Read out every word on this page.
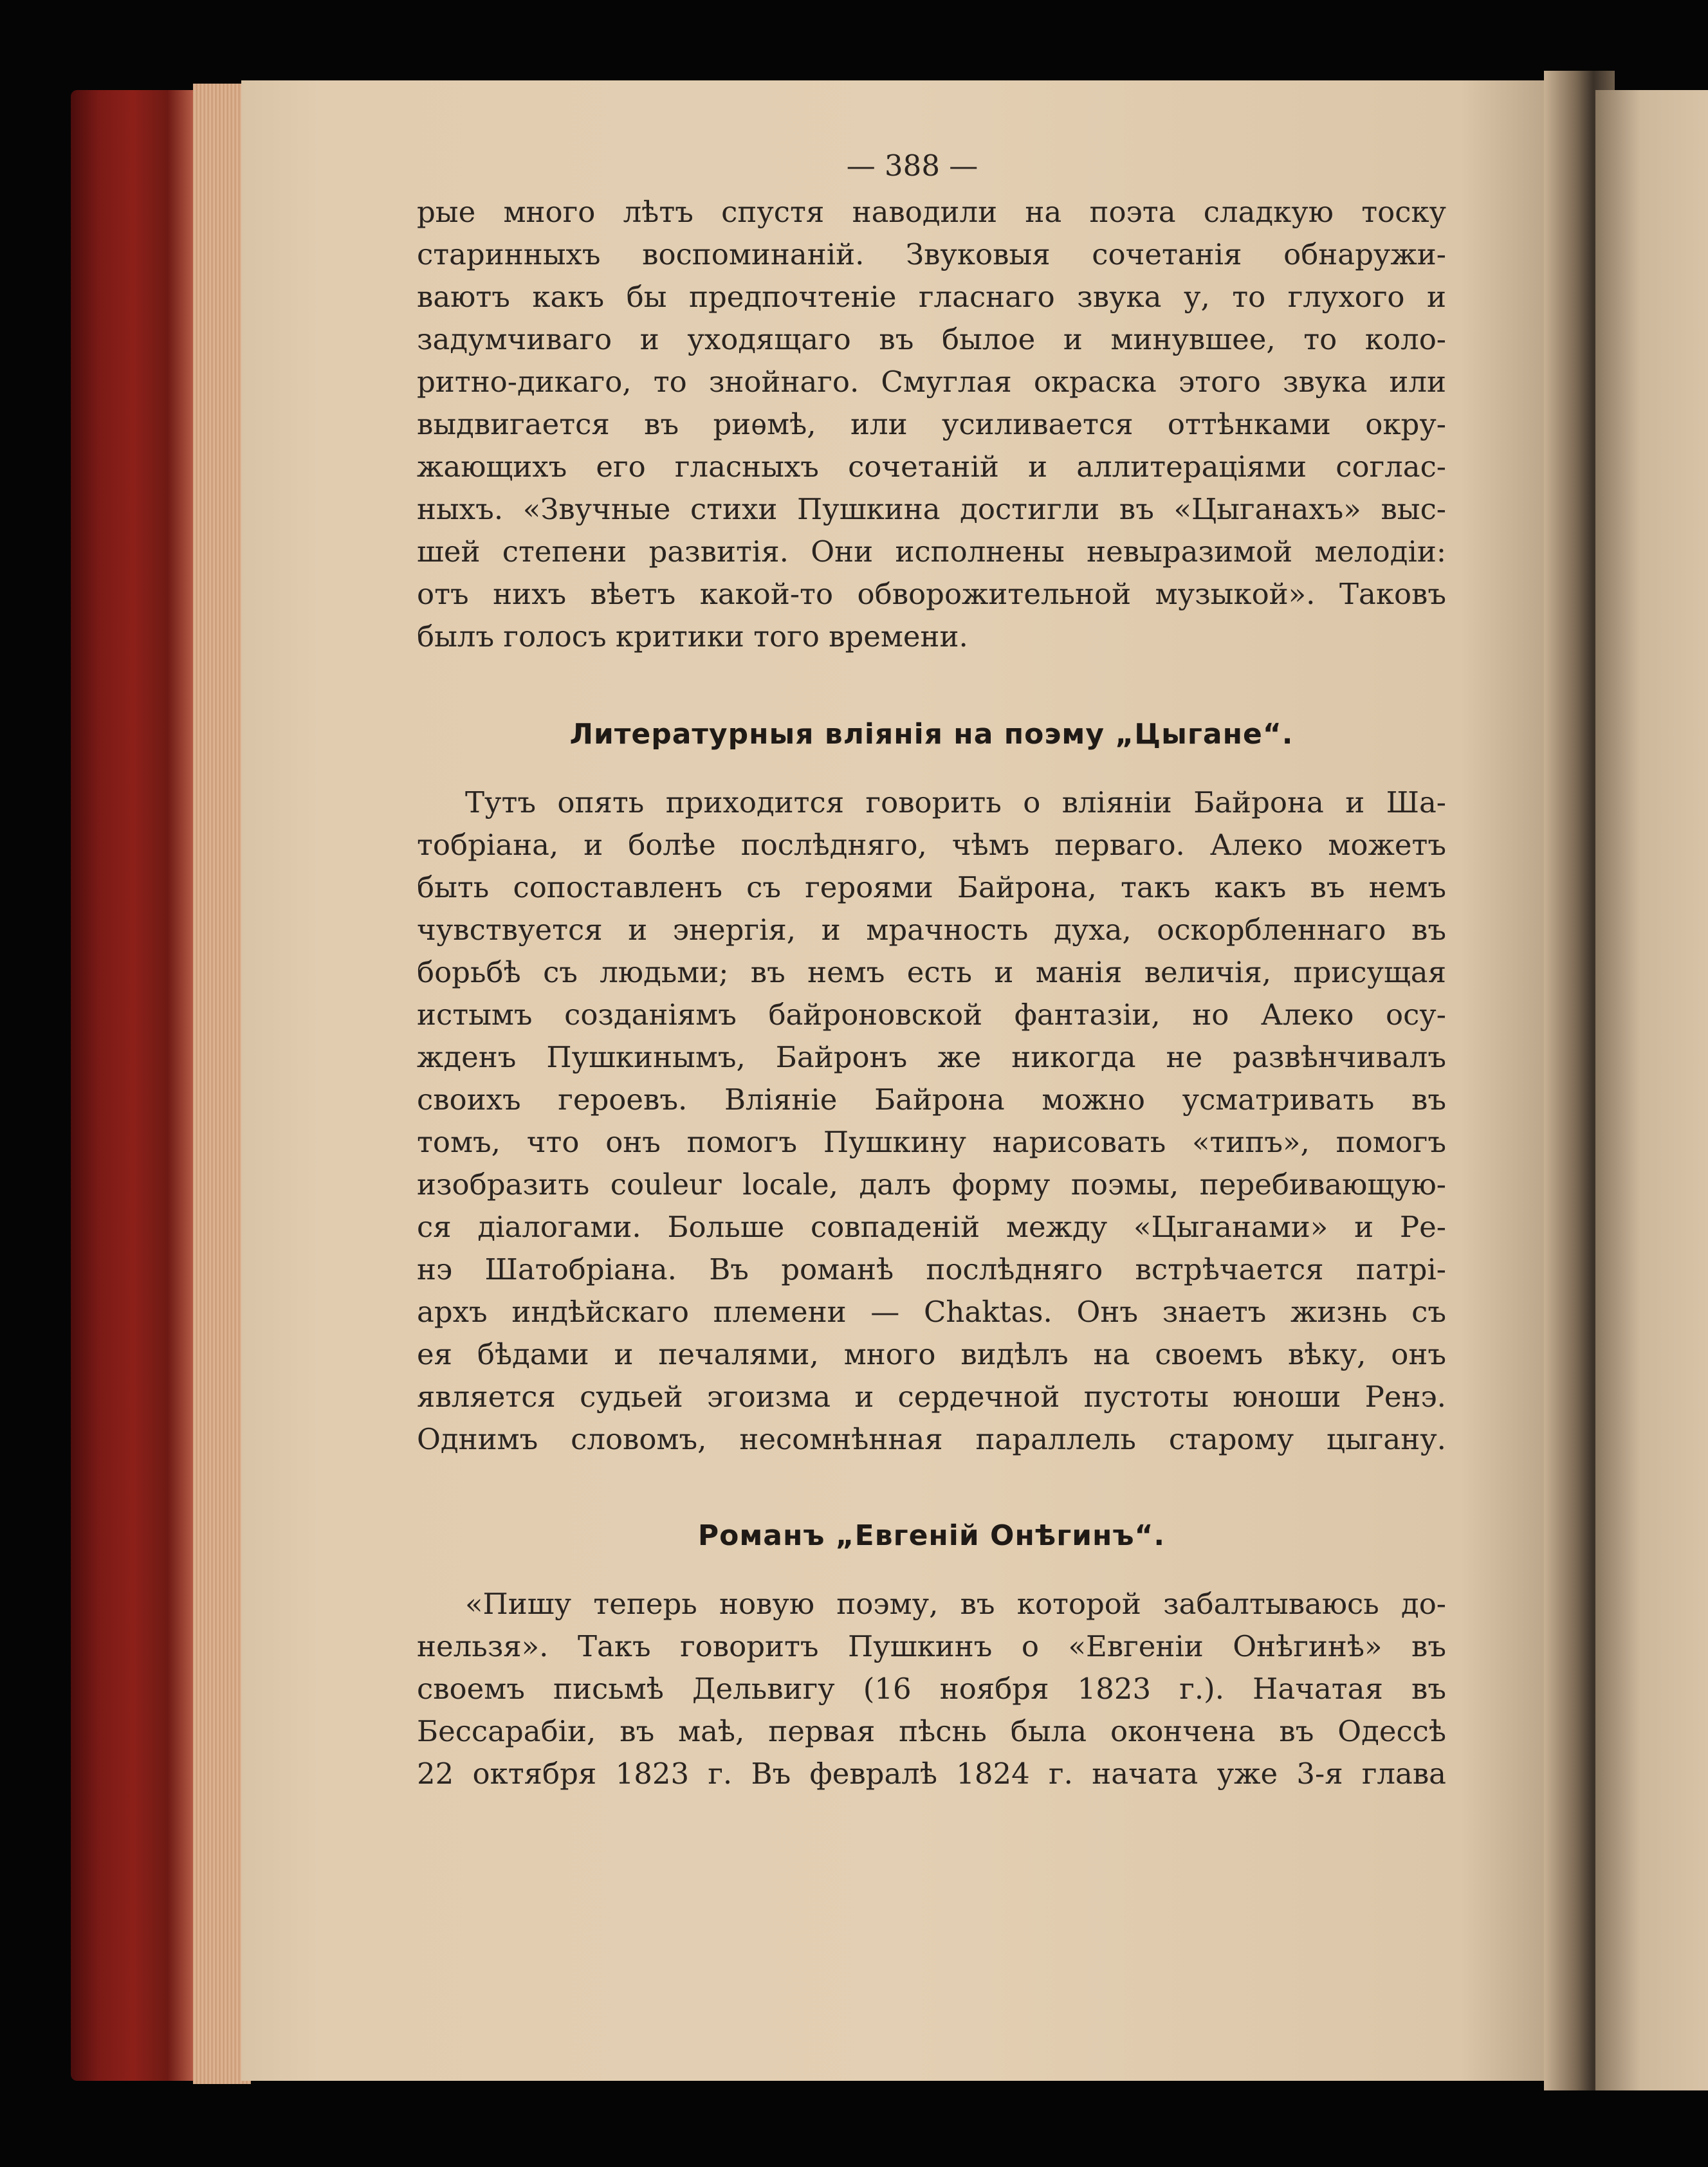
— 388 —
рые много лѣтъ спустя наводили на поэта сладкую тоску
старинныхъ воспоминаній. Звуковыя сочетанія обнаружи-
ваютъ какъ бы предпочтеніе гласнаго звука у, то глухого и
задумчиваго и уходящаго въ былое и минувшее, то коло-
ритно-дикаго, то знойнаго. Смуглая окраска этого звука или
выдвигается въ риѳмѣ, или усиливается оттѣнками окру-
жающихъ его гласныхъ сочетаній и аллитераціями соглас-
ныхъ. «Звучные стихи Пушкина достигли въ «Цыганахъ» выс-
шей степени развитія. Они исполнены невыразимой мелодіи:
отъ нихъ вѣетъ какой-то обворожительной музыкой». Таковъ
былъ голосъ критики того времени.
Литературныя вліянія на поэму „Цыгане“.
Тутъ опять приходится говорить о вліяніи Байрона и Ша-
тобріана, и болѣе послѣдняго, чѣмъ перваго. Алеко можетъ
быть сопоставленъ съ героями Байрона, такъ какъ въ немъ
чувствуется и энергія, и мрачность духа, оскорбленнаго въ
борьбѣ съ людьми; въ немъ есть и манія величія, присущая
истымъ созданіямъ байроновской фантазіи, но Алеко осу-
жденъ Пушкинымъ, Байронъ же никогда не развѣнчивалъ
своихъ героевъ. Вліяніе Байрона можно усматривать въ
томъ, что онъ помогъ Пушкину нарисовать «типъ», помогъ
изобразить couleur locale, далъ форму поэмы, перебивающую-
ся діалогами. Больше совпаденій между «Цыганами» и Ре-
нэ Шатобріана. Въ романѣ послѣдняго встрѣчается патрі-
архъ индѣйскаго племени — Chaktas. Онъ знаетъ жизнь съ
ея бѣдами и печалями, много видѣлъ на своемъ вѣку, онъ
является судьей эгоизма и сердечной пустоты юноши Ренэ.
Однимъ словомъ, несомнѣнная параллель старому цыгану.
Романъ „Евгеній Онѣгинъ“.
«Пишу теперь новую поэму, въ которой забалтываюсь до-
нельзя». Такъ говоритъ Пушкинъ о «Евгеніи Онѣгинѣ» въ
своемъ письмѣ Дельвигу (16 ноября 1823 г.). Начатая въ
Бессарабіи, въ маѣ, первая пѣснь была окончена въ Одессѣ
22 октября 1823 г. Въ февралѣ 1824 г. начата уже 3-я глава
